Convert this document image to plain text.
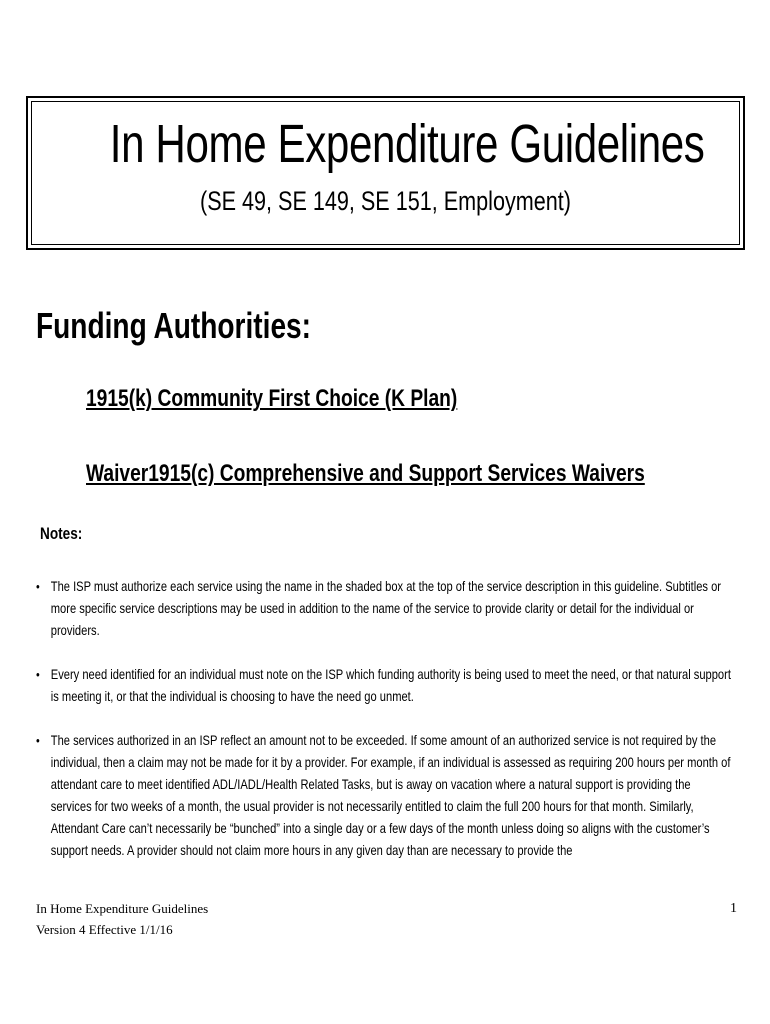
In Home Expenditure Guidelines
(SE 49, SE 149, SE 151, Employment)
Funding Authorities:
1915(k) Community First Choice (K Plan)
Waiver1915(c) Comprehensive and Support Services Waivers
Notes:
• The ISP must authorize each service using the name in the shaded box at the top of the service description in this guideline. Subtitles or more specific service descriptions may be used in addition to the name of the service to provide clarity or detail for the individual or providers.
• Every need identified for an individual must note on the ISP which funding authority is being used to meet the need, or that natural support is meeting it, or that the individual is choosing to have the need go unmet.
• The services authorized in an ISP reflect an amount not to be exceeded. If some amount of an authorized service is not required by the individual, then a claim may not be made for it by a provider. For example, if an individual is assessed as requiring 200 hours per month of attendant care to meet identified ADL/IADL/Health Related Tasks, but is away on vacation where a natural support is providing the services for two weeks of a month, the usual provider is not necessarily entitled to claim the full 200 hours for that month. Similarly, Attendant Care can’t necessarily be “bunched” into a single day or a few days of the month unless doing so aligns with the customer’s support needs. A provider should not claim more hours in any given day than are necessary to provide the
In Home Expenditure Guidelines
Version 4 Effective 1/1/16
1
